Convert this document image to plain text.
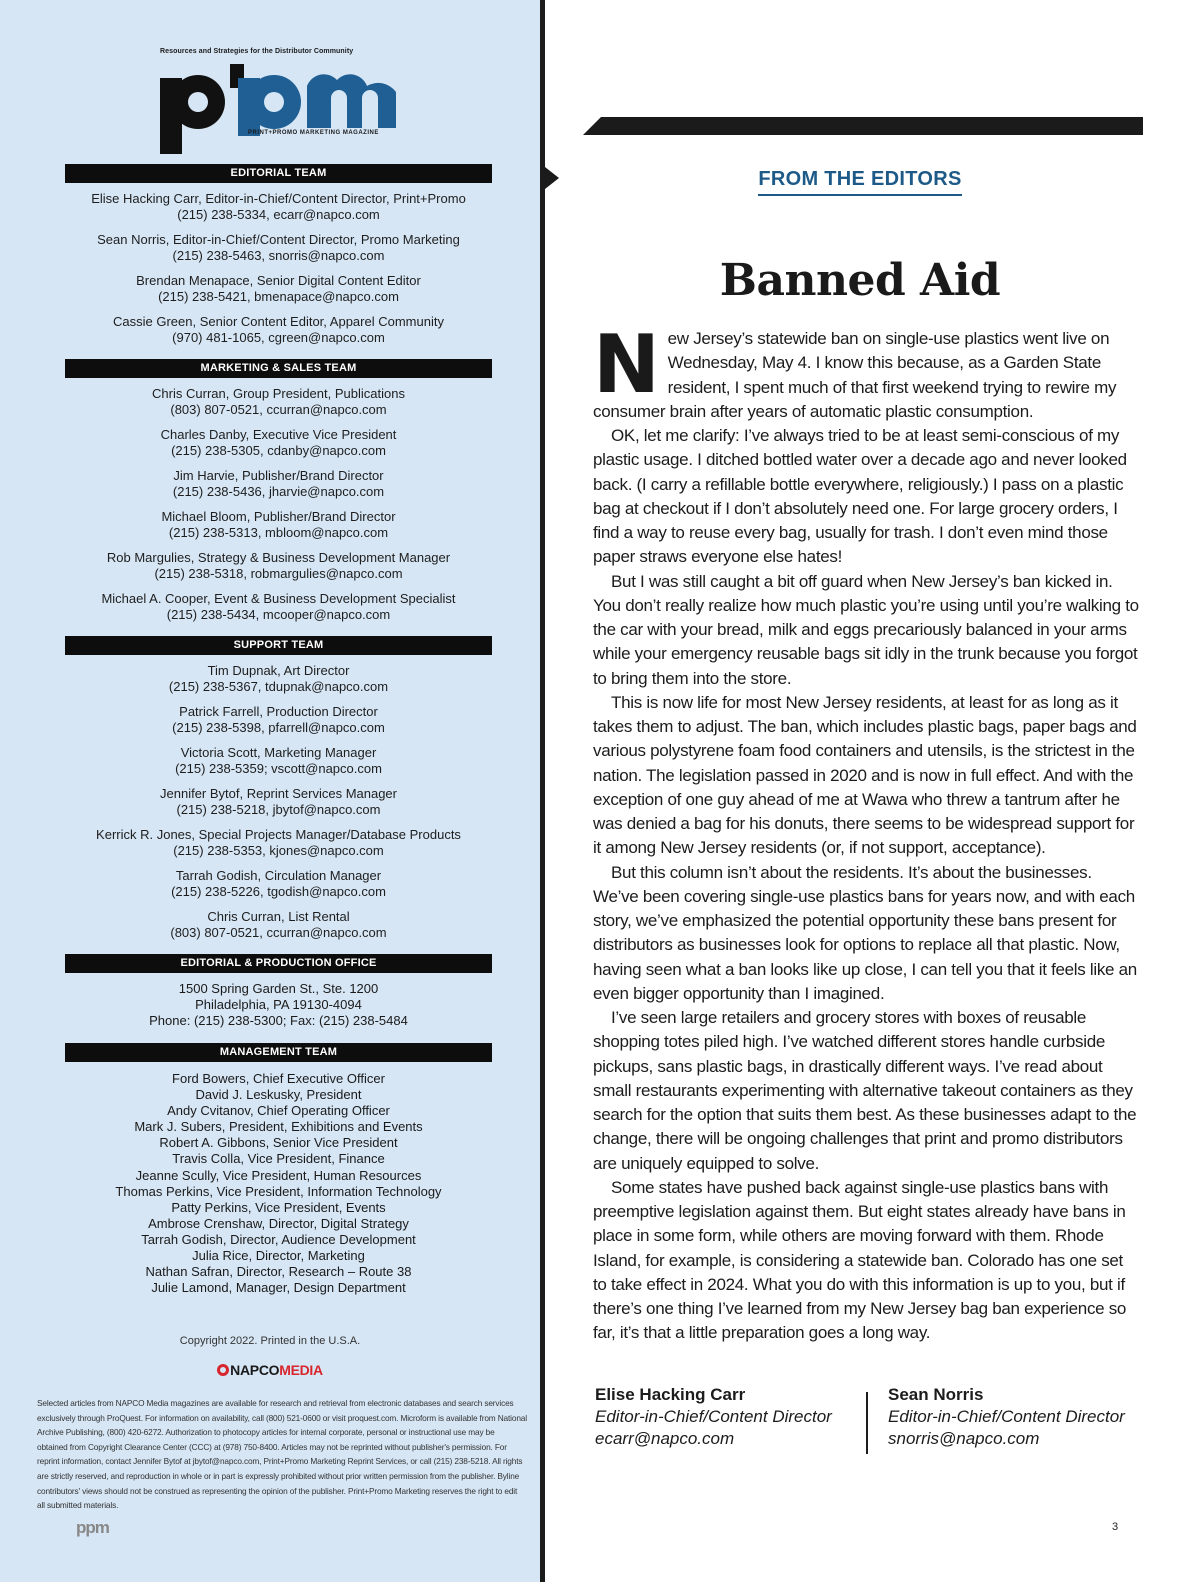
Resources and Strategies for the Distributor Community
PRINT+PROMO MARKETING MAGAZINE
EDITORIAL TEAM
Elise Hacking Carr, Editor-in-Chief/Content Director, Print+Promo
(215) 238-5334, ecarr@napco.com
Sean Norris, Editor-in-Chief/Content Director, Promo Marketing
(215) 238-5463, snorris@napco.com
Brendan Menapace, Senior Digital Content Editor
(215) 238-5421, bmenapace@napco.com
Cassie Green, Senior Content Editor, Apparel Community
(970) 481-1065, cgreen@napco.com
MARKETING & SALES TEAM
Chris Curran, Group President, Publications
(803) 807-0521, ccurran@napco.com
Charles Danby, Executive Vice President
(215) 238-5305, cdanby@napco.com
Jim Harvie, Publisher/Brand Director
(215) 238-5436, jharvie@napco.com
Michael Bloom, Publisher/Brand Director
(215) 238-5313, mbloom@napco.com
Rob Margulies, Strategy & Business Development Manager
(215) 238-5318, robmargulies@napco.com
Michael A. Cooper, Event & Business Development Specialist
(215) 238-5434, mcooper@napco.com
SUPPORT TEAM
Tim Dupnak, Art Director
(215) 238-5367, tdupnak@napco.com
Patrick Farrell, Production Director
(215) 238-5398, pfarrell@napco.com
Victoria Scott, Marketing Manager
(215) 238-5359; vscott@napco.com
Jennifer Bytof, Reprint Services Manager
(215) 238-5218, jbytof@napco.com
Kerrick R. Jones, Special Projects Manager/Database Products
(215) 238-5353, kjones@napco.com
Tarrah Godish, Circulation Manager
(215) 238-5226, tgodish@napco.com
Chris Curran, List Rental
(803) 807-0521, ccurran@napco.com
EDITORIAL & PRODUCTION OFFICE
1500 Spring Garden St., Ste. 1200
Philadelphia, PA 19130-4094
Phone: (215) 238-5300; Fax: (215) 238-5484
MANAGEMENT TEAM
Ford Bowers, Chief Executive Officer
David J. Leskusky, President
Andy Cvitanov, Chief Operating Officer
Mark J. Subers, President, Exhibitions and Events
Robert A. Gibbons, Senior Vice President
Travis Colla, Vice President, Finance
Jeanne Scully, Vice President, Human Resources
Thomas Perkins, Vice President, Information Technology
Patty Perkins, Vice President, Events
Ambrose Crenshaw, Director, Digital Strategy
Tarrah Godish, Director, Audience Development
Julia Rice, Director, Marketing
Nathan Safran, Director, Research – Route 38
Julie Lamond, Manager, Design Department
Copyright 2022. Printed in the U.S.A.
NAPCOMEDIA
Selected articles from NAPCO Media magazines are available for research and retrieval from electronic databases and search services exclusively through ProQuest. For information on availability, call (800) 521-0600 or visit proquest.com. Microform is available from National Archive Publishing, (800) 420-6272. Authorization to photocopy articles for internal corporate, personal or instructional use may be obtained from Copyright Clearance Center (CCC) at (978) 750-8400. Articles may not be reprinted without publisher's permission. For reprint information, contact Jennifer Bytof at jbytof@napco.com, Print+Promo Marketing Reprint Services, or call (215) 238-5218. All rights are strictly reserved, and reproduction in whole or in part is expressly prohibited without prior written permission from the publisher. Byline contributors' views should not be construed as representing the opinion of the publisher. Print+Promo Marketing reserves the right to edit all submitted materials.
ppm
FROM THE EDITORS
Banned Aid

New Jersey’s statewide ban on single-use plastics went live on Wednesday, May 4. I know this because, as a Garden State resident, I spent much of that first weekend trying to rewire my consumer brain after years of automatic plastic consumption.

OK, let me clarify: I’ve always tried to be at least semi-conscious of my plastic usage. I ditched bottled water over a decade ago and never looked back. (I carry a refillable bottle everywhere, religiously.) I pass on a plastic bag at checkout if I don’t absolutely need one. For large grocery orders, I find a way to reuse every bag, usually for trash. I don’t even mind those paper straws everyone else hates!

But I was still caught a bit off guard when New Jersey’s ban kicked in. You don’t really realize how much plastic you’re using until you’re walking to the car with your bread, milk and eggs precariously balanced in your arms while your emergency reusable bags sit idly in the trunk because you forgot to bring them into the store.

This is now life for most New Jersey residents, at least for as long as it takes them to adjust. The ban, which includes plastic bags, paper bags and various polystyrene foam food containers and utensils, is the strictest in the nation. The legislation passed in 2020 and is now in full effect. And with the exception of one guy ahead of me at Wawa who threw a tantrum after he was denied a bag for his donuts, there seems to be widespread support for it among New Jersey residents (or, if not support, acceptance).

But this column isn’t about the residents. It’s about the businesses. We’ve been covering single-use plastics bans for years now, and with each story, we’ve emphasized the potential opportunity these bans present for distributors as businesses look for options to replace all that plastic. Now, having seen what a ban looks like up close, I can tell you that it feels like an even bigger opportunity than I imagined.

I’ve seen large retailers and grocery stores with boxes of reusable shopping totes piled high. I’ve watched different stores handle curbside pickups, sans plastic bags, in drastically different ways. I’ve read about small restaurants experimenting with alternative takeout containers as they search for the option that suits them best. As these businesses adapt to the change, there will be ongoing challenges that print and promo distributors are uniquely equipped to solve.

Some states have pushed back against single-use plastics bans with preemptive legislation against them. But eight states already have bans in place in some form, while others are moving forward with them. Rhode Island, for example, is considering a statewide ban. Colorado has one set to take effect in 2024. What you do with this information is up to you, but if there’s one thing I’ve learned from my New Jersey bag ban experience so far, it’s that a little preparation goes a long way.

Elise Hacking Carr
Editor-in-Chief/Content Director
ecarr@napco.com
Sean Norris
Editor-in-Chief/Content Director
snorris@napco.com
3
